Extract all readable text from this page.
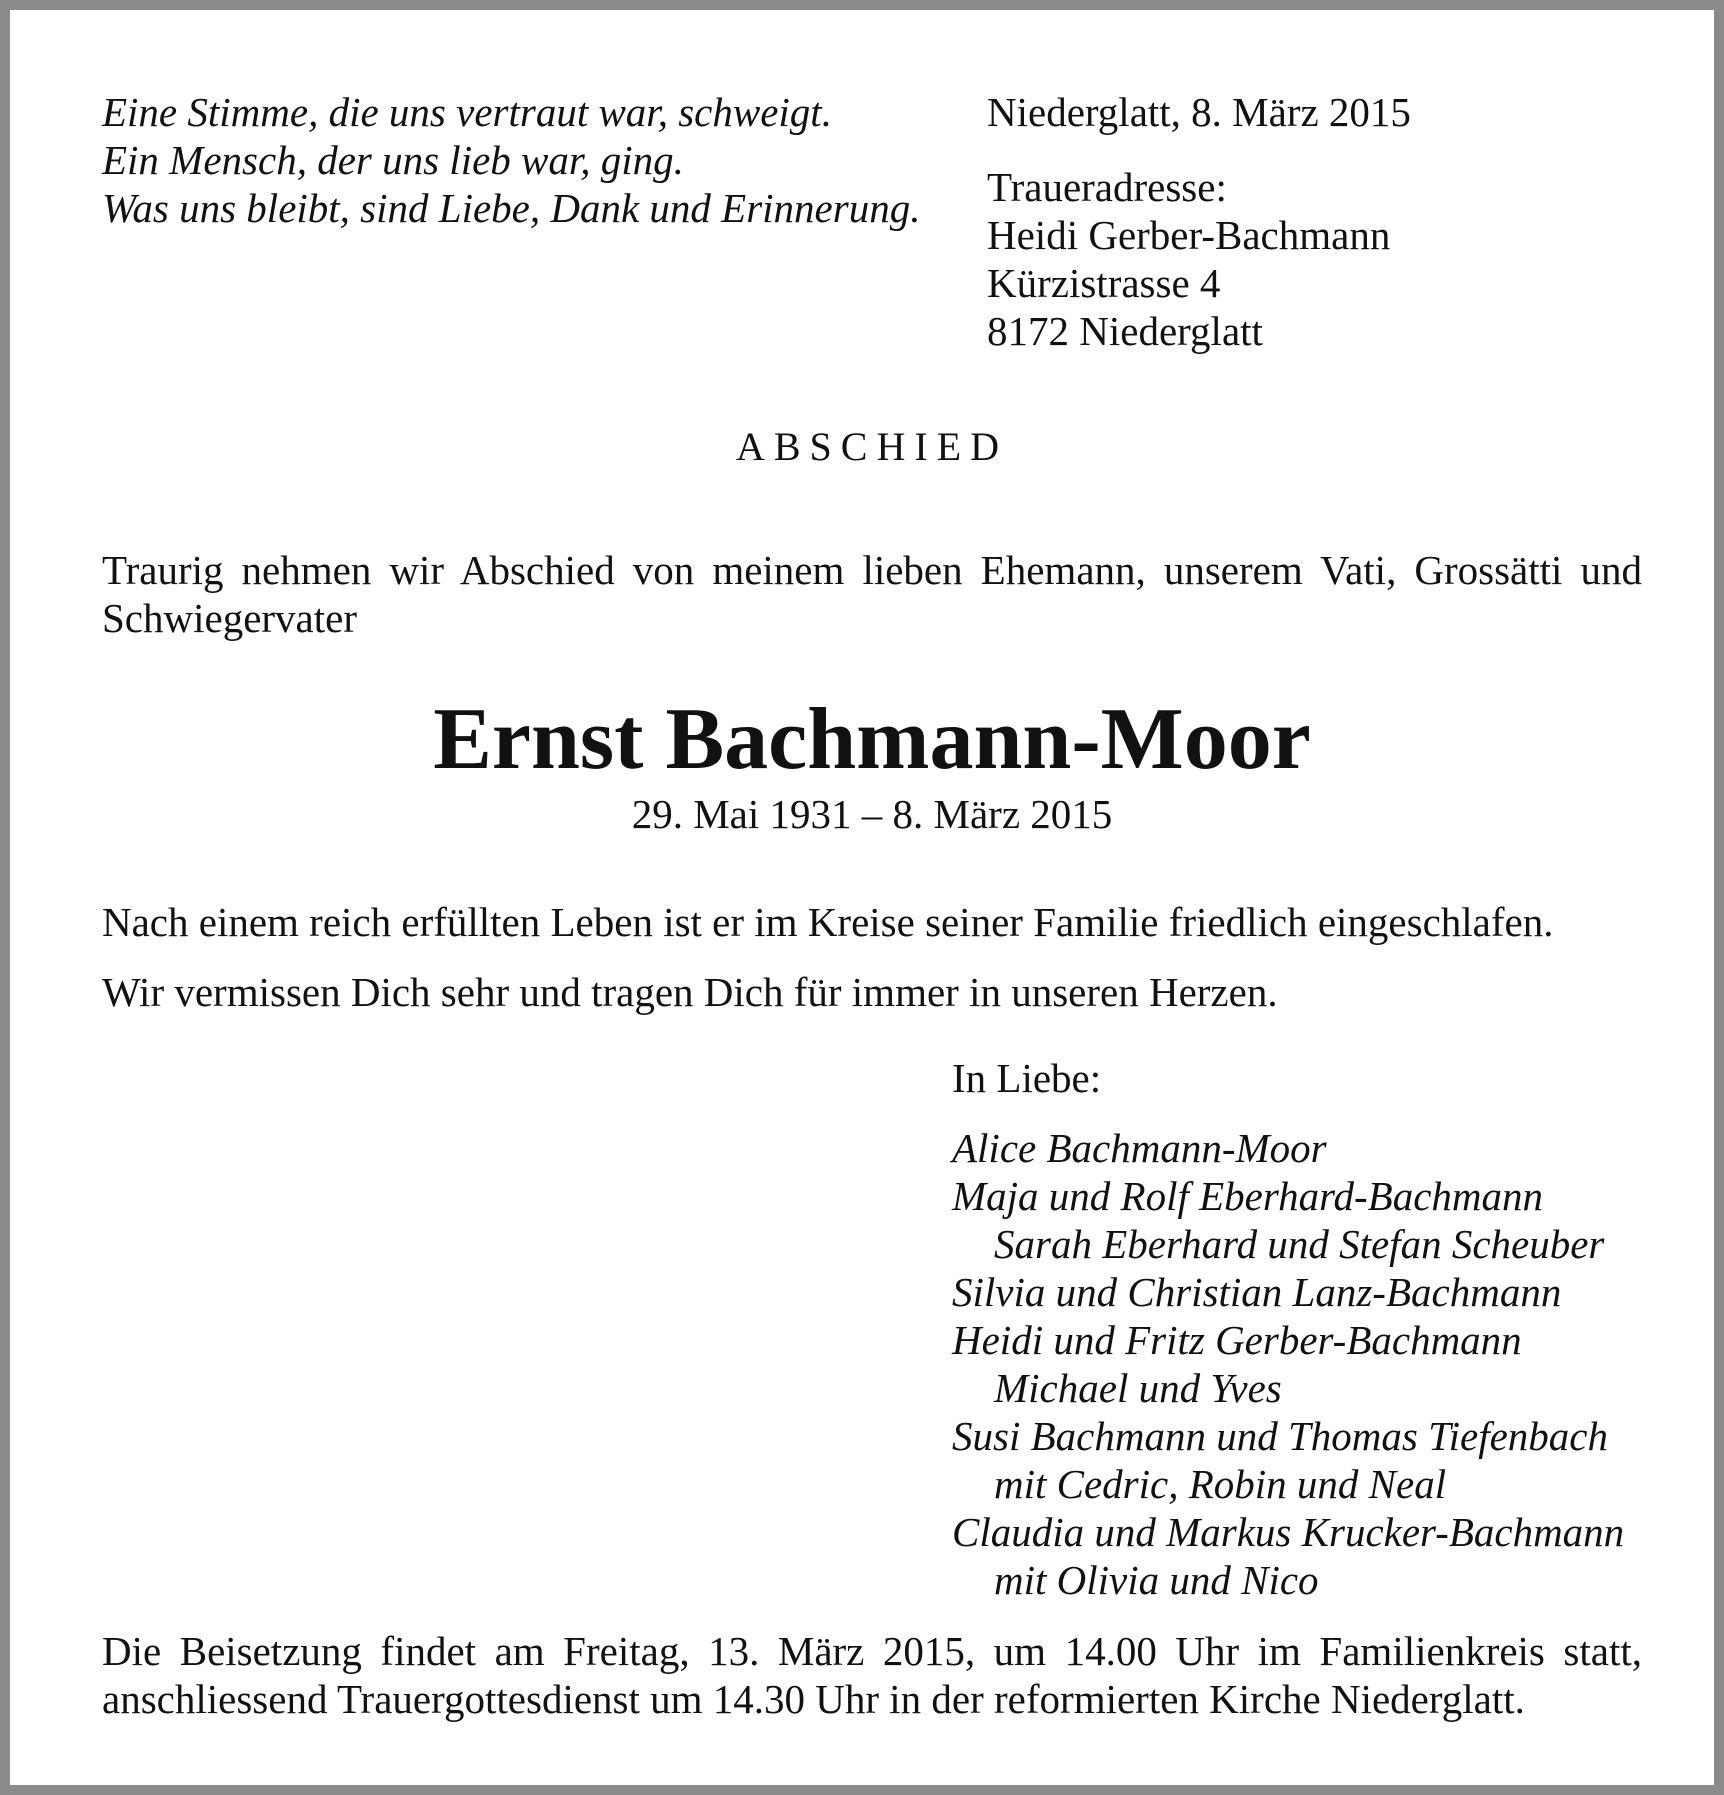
Eine Stimme, die uns vertraut war, schweigt.
Ein Mensch, der uns lieb war, ging.
Was uns bleibt, sind Liebe, Dank und Erinnerung.
Niederglatt, 8. März 2015
Traueradresse:
Heidi Gerber-Bachmann
Kürzistrasse 4
8172 Niederglatt
ABSCHIED
Traurig nehmen wir Abschied von meinem lieben Ehemann, unserem Vati, Grossätti und Schwiegervater
Ernst Bachmann-Moor
29. Mai 1931 – 8. März 2015
Nach einem reich erfüllten Leben ist er im Kreise seiner Familie friedlich eingeschlafen.
Wir vermissen Dich sehr und tragen Dich für immer in unseren Herzen.
In Liebe:
Alice Bachmann-Moor
Maja und Rolf Eberhard-Bachmann
Sarah Eberhard und Stefan Scheuber
Silvia und Christian Lanz-Bachmann
Heidi und Fritz Gerber-Bachmann
Michael und Yves
Susi Bachmann und Thomas Tiefenbach
mit Cedric, Robin und Neal
Claudia und Markus Krucker-Bachmann
mit Olivia und Nico
Die Beisetzung findet am Freitag, 13. März 2015, um 14.00 Uhr im Familienkreis statt, anschliessend Trauergottesdienst um 14.30 Uhr in der reformierten Kirche Niederglatt.
